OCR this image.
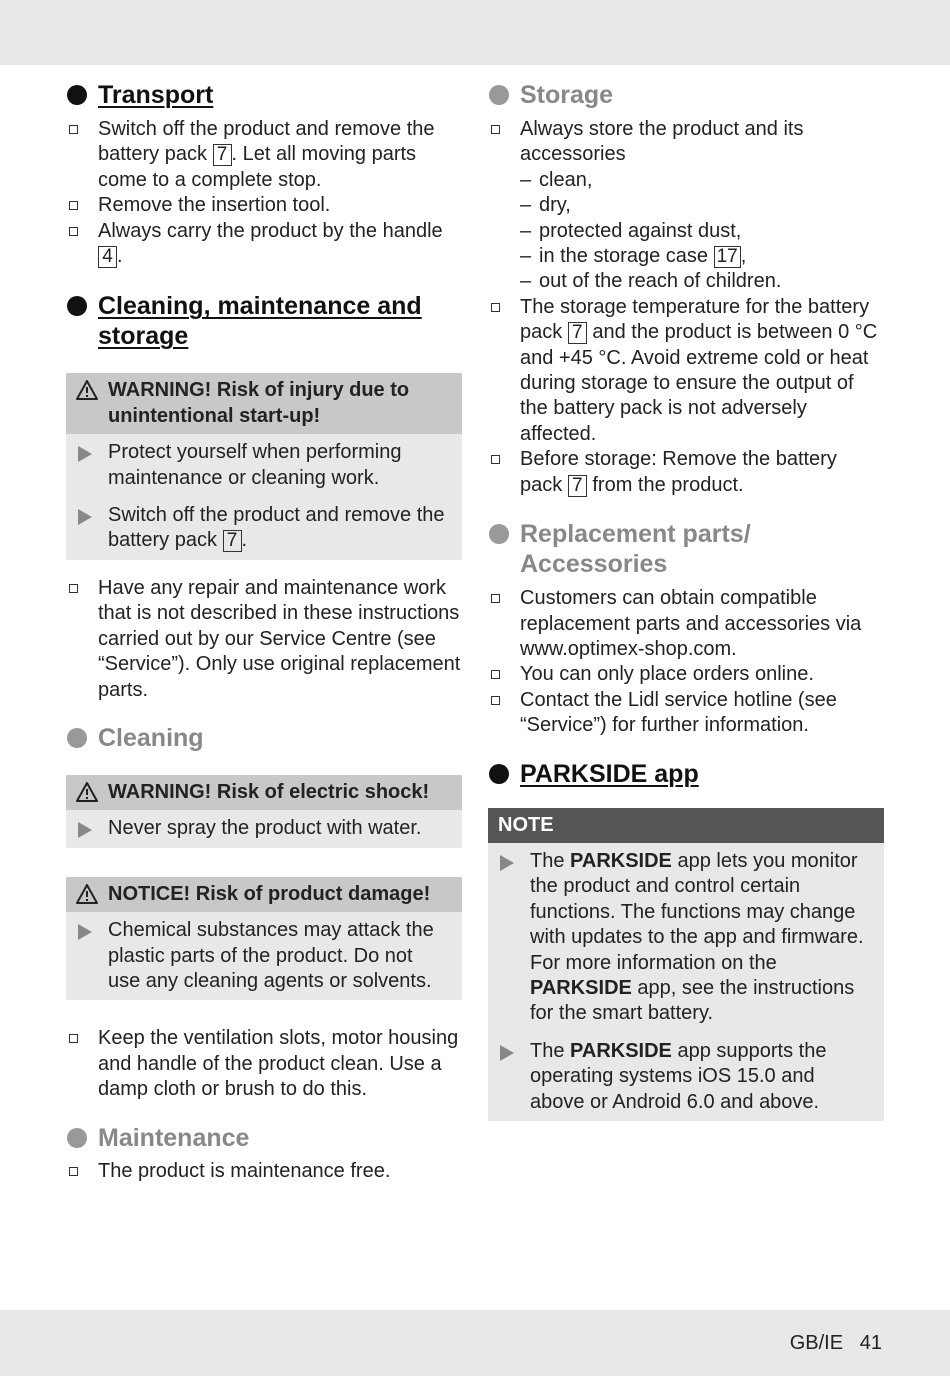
Transport
Switch off the product and remove the battery pack 7 . Let all moving parts come to a complete stop.
Remove the insertion tool.
Always carry the product by the handle 4 .
Cleaning, maintenance and storage
WARNING! Risk of injury due to unintentional start-up!
Protect yourself when performing maintenance or cleaning work.
Switch off the product and remove the battery pack 7 .
Have any repair and maintenance work that is not described in these instructions carried out by our Service Centre (see “Service”). Only use original replacement parts.
Cleaning
WARNING! Risk of electric shock!
Never spray the product with water.
NOTICE! Risk of product damage!
Chemical substances may attack the plastic parts of the product. Do not use any cleaning agents or solvents.
Keep the ventilation slots, motor housing and handle of the product clean. Use a damp cloth or brush to do this.
Maintenance
The product is maintenance free.
Storage
Always store the product and its accessories
– clean,
– dry,
– protected against dust,
– in the storage case 17 ,
– out of the reach of children.
The storage temperature for the battery pack 7 and the product is between 0 °C and +45 °C. Avoid extreme cold or heat during storage to ensure the output of the battery pack is not adversely affected.
Before storage: Remove the battery pack 7 from the product.
Replacement parts/ Accessories
Customers can obtain compatible replacement parts and accessories via www.optimex-shop.com.
You can only place orders online.
Contact the Lidl service hotline (see “Service”) for further information.
PARKSIDE app
NOTE
The PARKSIDE app lets you monitor the product and control certain functions. The functions may change with updates to the app and firmware. For more information on the PARKSIDE app, see the instructions for the smart battery.
The PARKSIDE app supports the operating systems iOS 15.0 and above or Android 6.0 and above.
GB/IE 41
